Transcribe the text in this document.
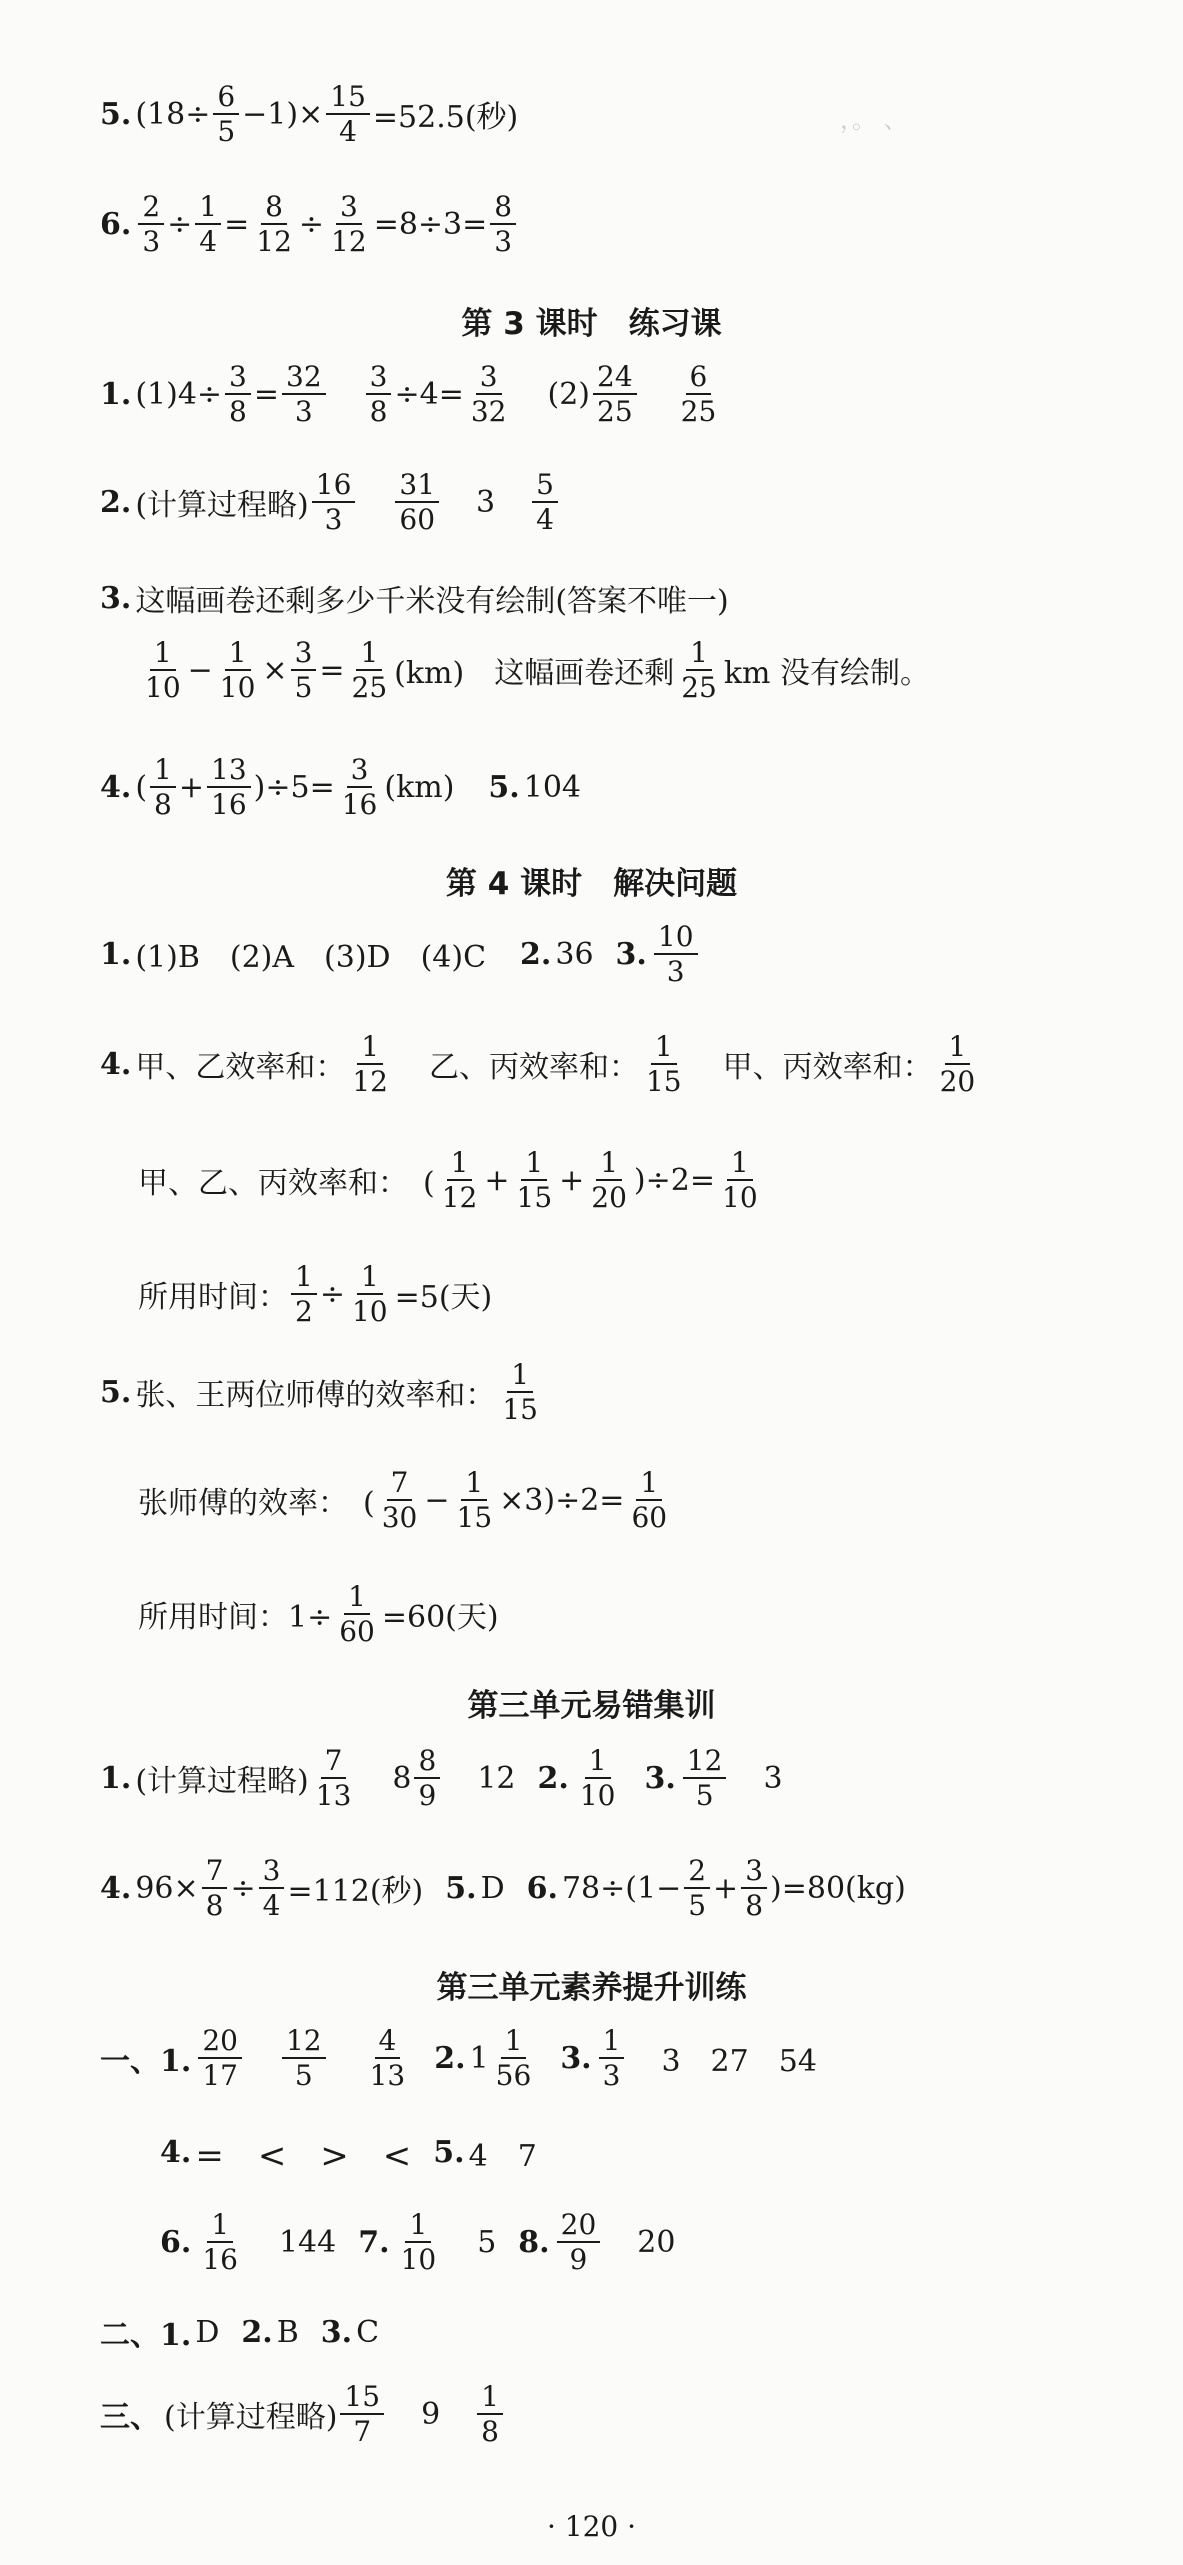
5. $(18\div \frac{6}{5} -1)\times \frac{15}{4} =52.5$(秒)	，。 、
6. $\frac{2}{3} \div \frac{1}{4} = \frac{8}{12} \div \frac{3}{12} =8\div 3= \frac{8}{3}$
第 3 课时　练习课
1. $(1)4\div \frac{3}{8} = \frac{32}{3} \frac{3}{8} \div 4= \frac{3}{32} (2) \frac{24}{25} \frac{6}{25}$
2. (计算过程略) $\frac{16}{3} \frac{31}{60} 3 \frac{5}{4}$
3. 这幅画卷还剩多少千米没有绘制(答案不唯一)
$\frac{1}{10} - \frac{1}{10} \times \frac{3}{5} = \frac{1}{25} (km)$　这幅画卷还剩 $\frac{1}{25}$ km 没有绘制。
4. ( $\frac{1}{8} + \frac{13}{16} )\div 5= \frac{3}{16} (km)$ 5. 104
第 4 课时　解决问题
1. (1)B　(2)A　(3)D　(4)C 2. 36 3. $\frac{10}{3}$
4. 甲、乙效率和： $\frac{1}{12}$ 乙、丙效率和： $\frac{1}{15}$ 甲、丙效率和： $\frac{1}{20}$
甲、乙、丙效率和：　( $\frac{1}{12} + \frac{1}{15} + \frac{1}{20} )\div 2= \frac{1}{10}$
所用时间： $\frac{1}{2} \div \frac{1}{10} =5$(天)
5. 张、王两位师傅的效率和： $\frac{1}{15}$
张师傅的效率：　( $\frac{7}{30} - \frac{1}{15} \times 3)\div 2= \frac{1}{60}$
所用时间：$1\div \frac{1}{60} =60$(天)
第三单元易错集训
1. (计算过程略) $\frac{7}{13} 8 \frac{8}{9} 12$ 2. $\frac{1}{10} 3$. $\frac{12}{5} 3$
4. $96\times \frac{7}{8} \div \frac{3}{4} =112$(秒) 5. D 6. $78\div(1- \frac{2}{5} + \frac{3}{8} )=80(kg)$
第三单元素养提升训练
一、1. $\frac{20}{17} \frac{12}{5} \frac{4}{13} 2$. $1 \frac{1}{56} 3$. $\frac{1}{3} 3$　27　54
4. =　<　>　< 5. 4　7
6. $\frac{1}{16} 144$ 7. $\frac{1}{10} 5$ 8. $\frac{20}{9} 20$
二、1. D 2. B 3. C
三、 (计算过程略) $\frac{15}{7} 9 \frac{1}{8}$
· 120 ·
